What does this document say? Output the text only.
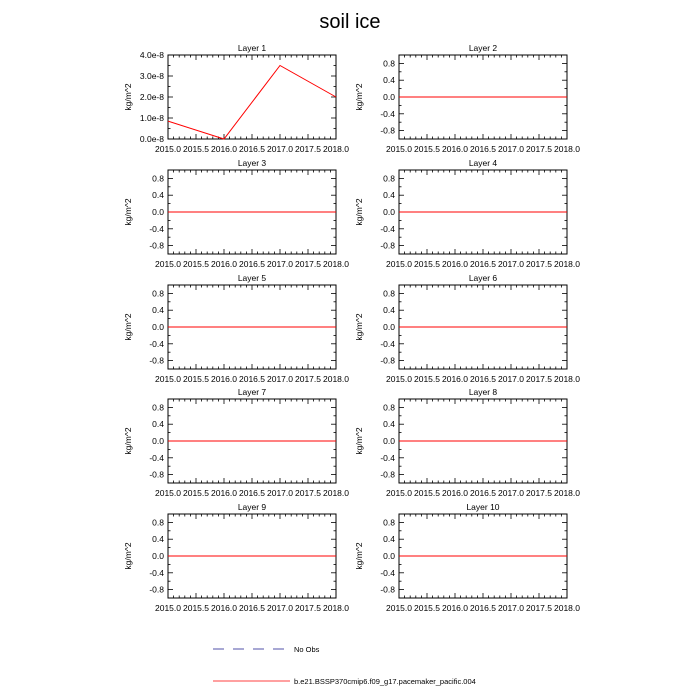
soil ice
Layer 1
kg/m^2
2015.0 2015.5 2016.0 2016.5 2017.0 2017.5 2018.0
0.0e-8
1.0e-8
2.0e-8
3.0e-8
4.0e-8
Layer 2
kg/m^2
2015.0 2015.5 2016.0 2016.5 2017.0 2017.5 2018.0
-0.8
-0.4
0.0
0.4
0.8
Layer 3
kg/m^2
2015.0 2015.5 2016.0 2016.5 2017.0 2017.5 2018.0
-0.8
-0.4
0.0
0.4
0.8
Layer 4
kg/m^2
2015.0 2015.5 2016.0 2016.5 2017.0 2017.5 2018.0
-0.8
-0.4
0.0
0.4
0.8
Layer 5
kg/m^2
2015.0 2015.5 2016.0 2016.5 2017.0 2017.5 2018.0
-0.8
-0.4
0.0
0.4
0.8
Layer 6
kg/m^2
2015.0 2015.5 2016.0 2016.5 2017.0 2017.5 2018.0
-0.8
-0.4
0.0
0.4
0.8
Layer 7
kg/m^2
2015.0 2015.5 2016.0 2016.5 2017.0 2017.5 2018.0
-0.8
-0.4
0.0
0.4
0.8
Layer 8
kg/m^2
2015.0 2015.5 2016.0 2016.5 2017.0 2017.5 2018.0
-0.8
-0.4
0.0
0.4
0.8
Layer 9
kg/m^2
2015.0 2015.5 2016.0 2016.5 2017.0 2017.5 2018.0
-0.8
-0.4
0.0
0.4
0.8
Layer 10
kg/m^2
2015.0 2015.5 2016.0 2016.5 2017.0 2017.5 2018.0
-0.8
-0.4
0.0
0.4
0.8
No Obs
b.e21.BSSP370cmip6.f09_g17.pacemaker_pacific.004
